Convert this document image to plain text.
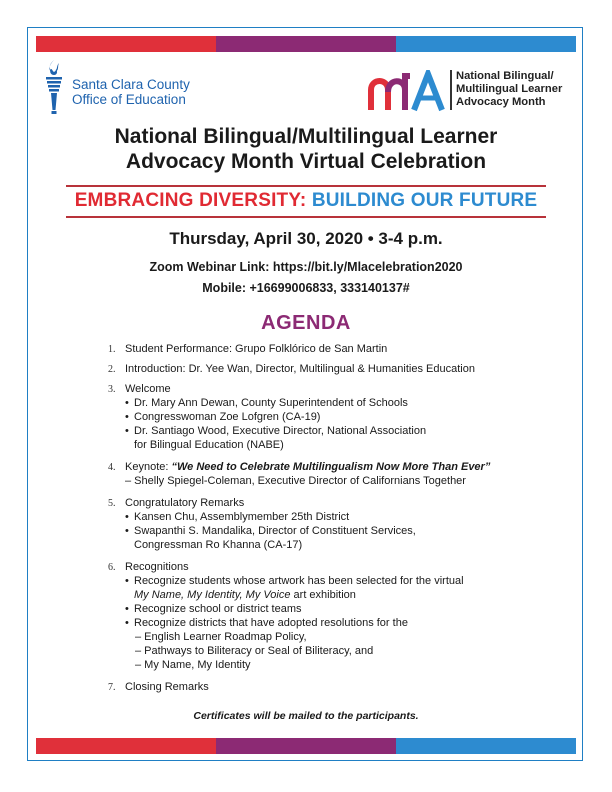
Santa Clara County
Office of Education
National Bilingual/
Multilingual Learner
Advocacy Month
National Bilingual/Multilingual Learner
Advocacy Month Virtual Celebration
EMBRACING DIVERSITY: BUILDING OUR FUTURE
Thursday, April 30, 2020 • 3-4 p.m.
Zoom Webinar Link: https://bit.ly/Mlacelebration2020
Mobile: +16699006833, 333140137#
AGENDA
1. Student Performance: Grupo Folklórico de San Martin
2. Introduction: Dr. Yee Wan, Director, Multilingual & Humanities Education
3. Welcome
• Dr. Mary Ann Dewan, County Superintendent of Schools
• Congresswoman Zoe Lofgren (CA-19)
• Dr. Santiago Wood, Executive Director, National Association
for Bilingual Education (NABE)
4. Keynote: “We Need to Celebrate Multilingualism Now More Than Ever”
– Shelly Spiegel-Coleman, Executive Director of Californians Together
5. Congratulatory Remarks
• Kansen Chu, Assemblymember 25th District
• Swapanthi S. Mandalika, Director of Constituent Services,
Congressman Ro Khanna (CA-17)
6. Recognitions
• Recognize students whose artwork has been selected for the virtual
My Name, My Identity, My Voice art exhibition
• Recognize school or district teams
• Recognize districts that have adopted resolutions for the
– English Learner Roadmap Policy,
– Pathways to Biliteracy or Seal of Biliteracy, and
– My Name, My Identity
7. Closing Remarks
Certificates will be mailed to the participants.
